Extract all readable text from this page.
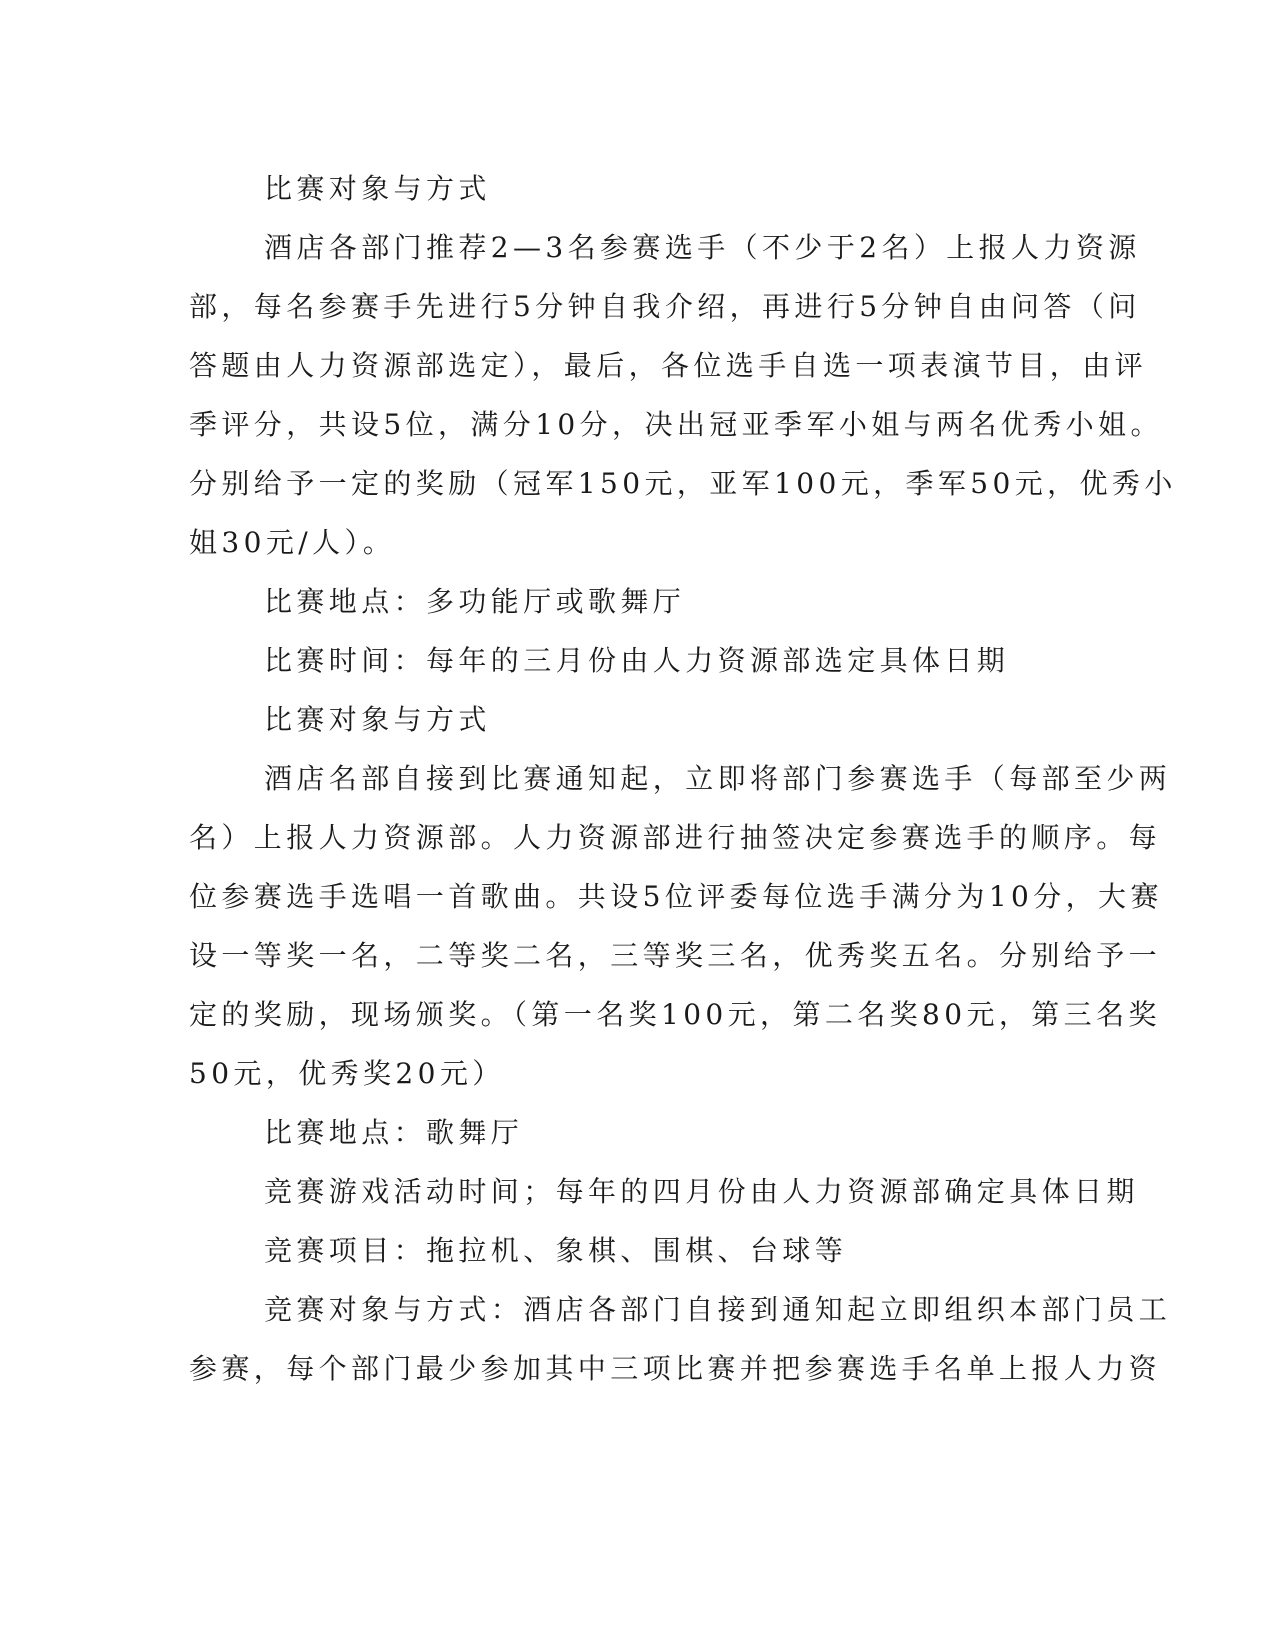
比赛对象与方式
酒店各部门推荐2—3名参赛选手（不少于2名）上报人力资源
部，每名参赛手先进行5分钟自我介绍，再进行5分钟自由问答（问
答题由人力资源部选定），最后，各位选手自选一项表演节目，由评
季评分，共设5位，满分10分，决出冠亚季军小姐与两名优秀小姐。
分别给予一定的奖励（冠军150元，亚军100元，季军50元，优秀小
姐30元/人）。
比赛地点：多功能厅或歌舞厅
比赛时间：每年的三月份由人力资源部选定具体日期
比赛对象与方式
酒店名部自接到比赛通知起，立即将部门参赛选手（每部至少两
名）上报人力资源部。人力资源部进行抽签决定参赛选手的顺序。每
位参赛选手选唱一首歌曲。共设5位评委每位选手满分为10分，大赛
设一等奖一名，二等奖二名，三等奖三名，优秀奖五名。分别给予一
定的奖励，现场颁奖。（第一名奖100元，第二名奖80元，第三名奖
50元，优秀奖20元）
比赛地点：歌舞厅
竞赛游戏活动时间；每年的四月份由人力资源部确定具体日期
竞赛项目：拖拉机、象棋、围棋、台球等
竞赛对象与方式：酒店各部门自接到通知起立即组织本部门员工
参赛，每个部门最少参加其中三项比赛并把参赛选手名单上报人力资
